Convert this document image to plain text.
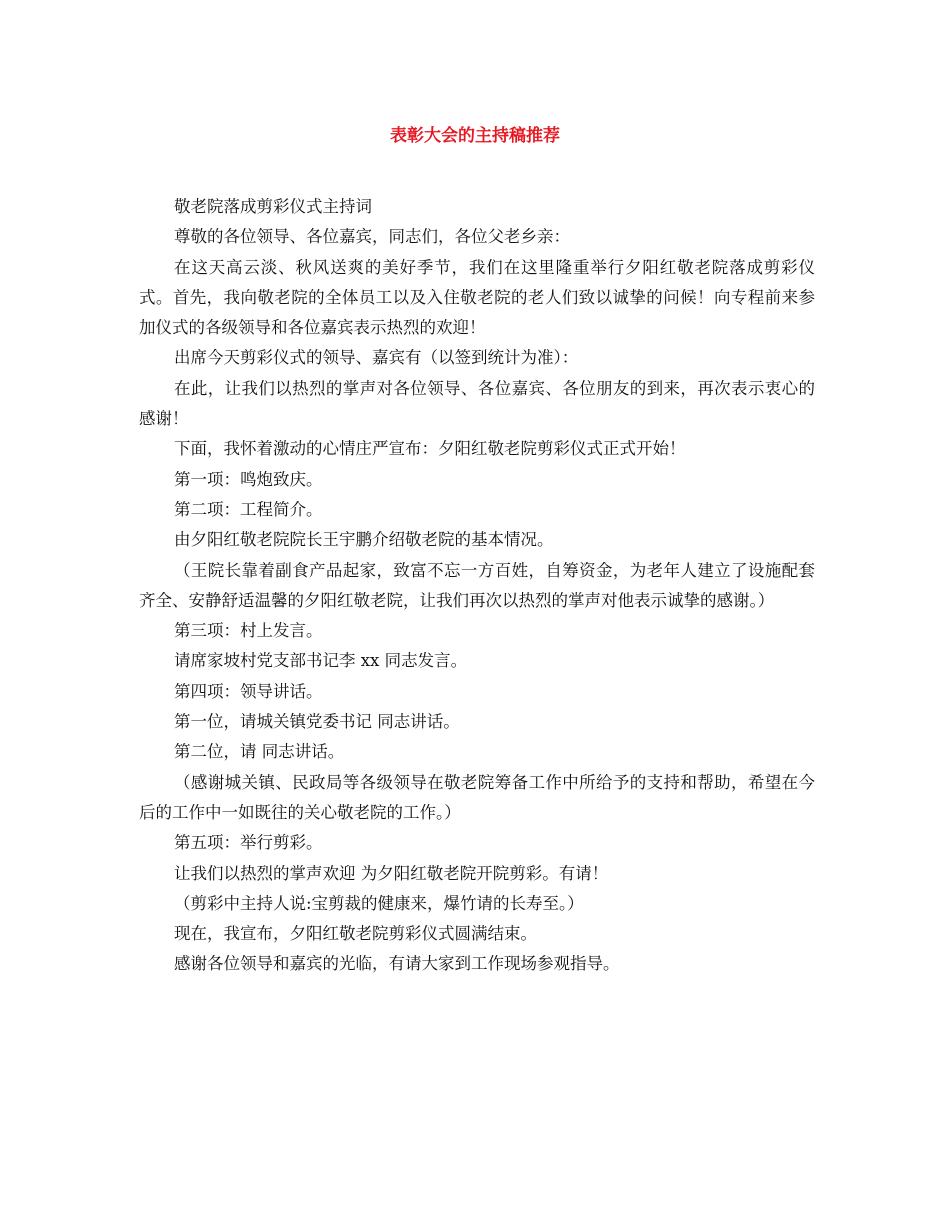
表彰大会的主持稿推荐

敬老院落成剪彩仪式主持词

尊敬的各位领导、各位嘉宾，同志们，各位父老乡亲：

在这天高云淡、秋风送爽的美好季节，我们在这里隆重举行夕阳红敬老院落成剪彩仪式。首先，我向敬老院的全体员工以及入住敬老院的老人们致以诚挚的问候！向专程前来参加仪式的各级领导和各位嘉宾表示热烈的欢迎！

出席今天剪彩仪式的领导、嘉宾有（以签到统计为准）：

在此，让我们以热烈的掌声对各位领导、各位嘉宾、各位朋友的到来，再次表示衷心的感谢！

下面，我怀着激动的心情庄严宣布：夕阳红敬老院剪彩仪式正式开始！

第一项：鸣炮致庆。

第二项：工程简介。

由夕阳红敬老院院长王宇鹏介绍敬老院的基本情况。

（王院长靠着副食产品起家，致富不忘一方百姓，自筹资金，为老年人建立了设施配套齐全、安静舒适温馨的夕阳红敬老院，让我们再次以热烈的掌声对他表示诚挚的感谢。）

第三项：村上发言。

请席家坡村党支部书记李 xx 同志发言。

第四项：领导讲话。

第一位，请城关镇党委书记 同志讲话。

第二位，请 同志讲话。

（感谢城关镇、民政局等各级领导在敬老院筹备工作中所给予的支持和帮助，希望在今后的工作中一如既往的关心敬老院的工作。）

第五项：举行剪彩。

让我们以热烈的掌声欢迎 为夕阳红敬老院开院剪彩。有请！

（剪彩中主持人说:宝剪裁的健康来，爆竹请的长寿至。）

现在，我宣布，夕阳红敬老院剪彩仪式圆满结束。

感谢各位领导和嘉宾的光临，有请大家到工作现场参观指导。
